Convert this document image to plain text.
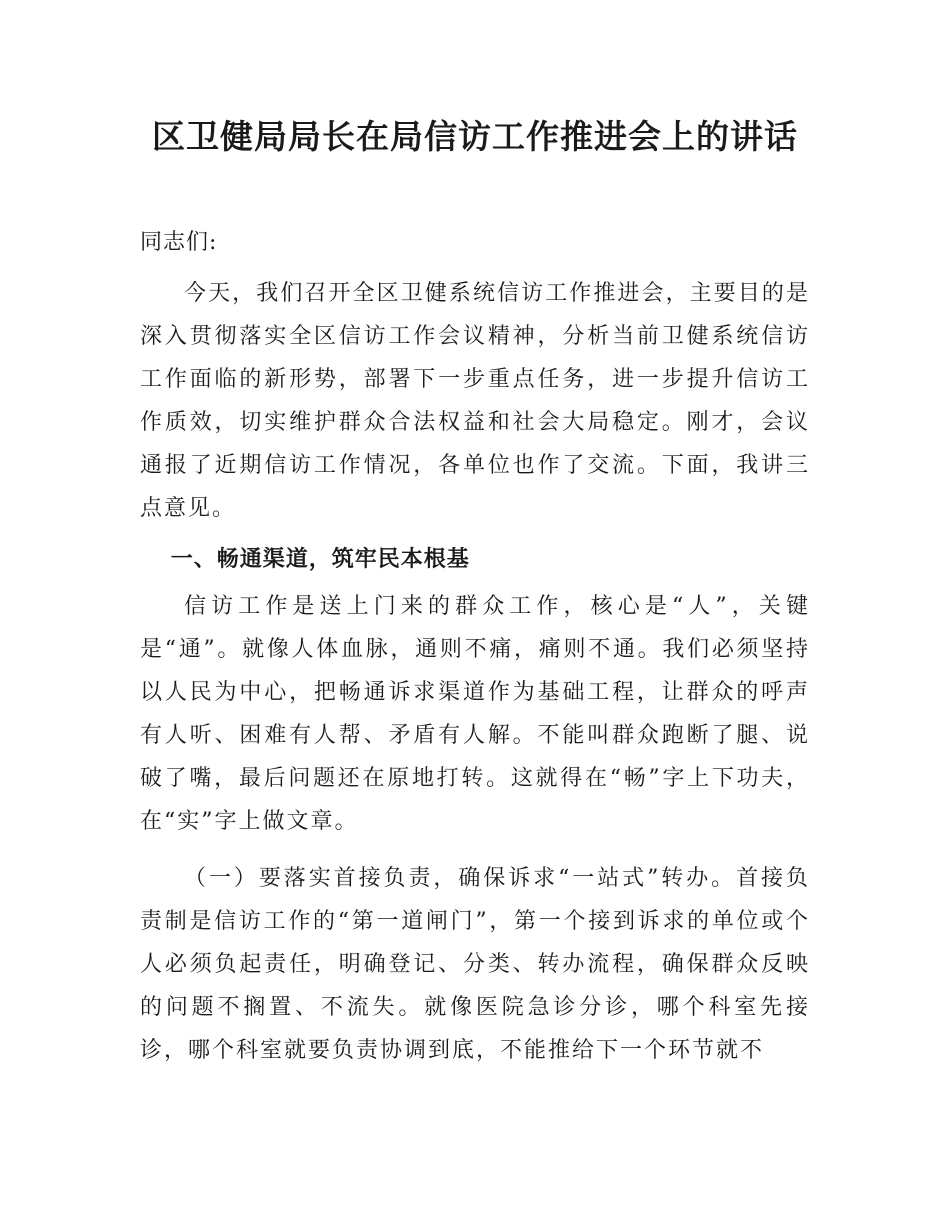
区卫健局局长在局信访工作推进会上的讲话

同志们:

今天，我们召开全区卫健系统信访工作推进会，主要目的是深入贯彻落实全区信访工作会议精神，分析当前卫健系统信访工作面临的新形势，部署下一步重点任务，进一步提升信访工作质效，切实维护群众合法权益和社会大局稳定。刚才，会议通报了近期信访工作情况，各单位也作了交流。下面，我讲三点意见。

一、畅通渠道，筑牢民本根基

信访工作是送上门来的群众工作，核心是“人”，关键是“通”。就像人体血脉，通则不痛，痛则不通。我们必须坚持以人民为中心，把畅通诉求渠道作为基础工程，让群众的呼声有人听、困难有人帮、矛盾有人解。不能叫群众跑断了腿、说破了嘴，最后问题还在原地打转。这就得在“畅”字上下功夫，在“实”字上做文章。

（一）要落实首接负责，确保诉求“一站式”转办。首接负责制是信访工作的“第一道闸门”，第一个接到诉求的单位或个人必须负起责任，明确登记、分类、转办流程，确保群众反映的问题不搁置、不流失。就像医院急诊分诊，哪个科室先接诊，哪个科室就要负责协调到底，不能推给下一个环节就不
